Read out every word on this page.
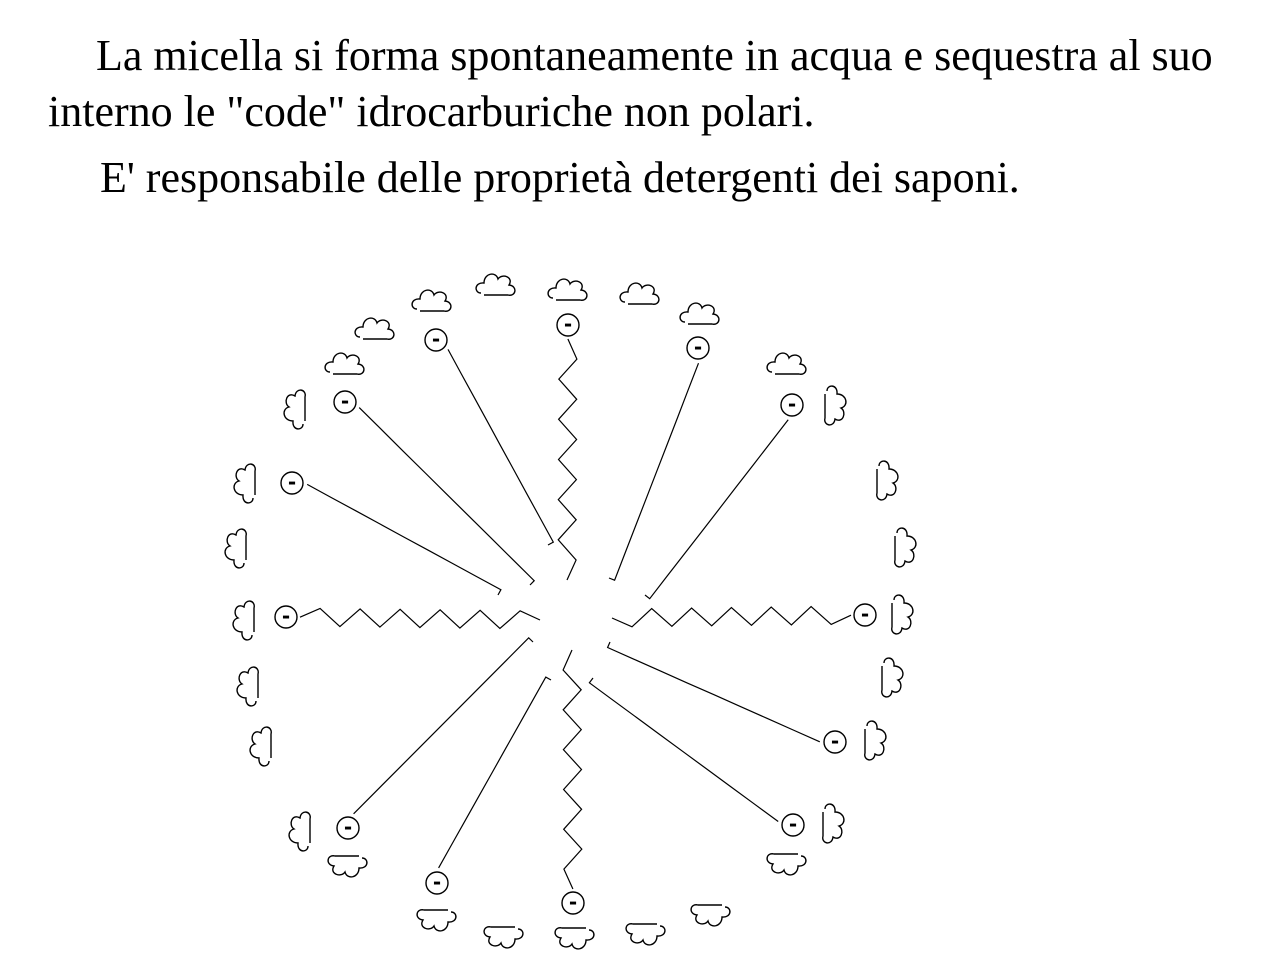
La micella si forma spontaneamente in acqua e sequestra al suo interno le "code" idrocarburiche non polari.

E' responsabile delle proprietà detergenti dei saponi.

-
-
-
-
-
-
-
-
-
-
-
-
-
